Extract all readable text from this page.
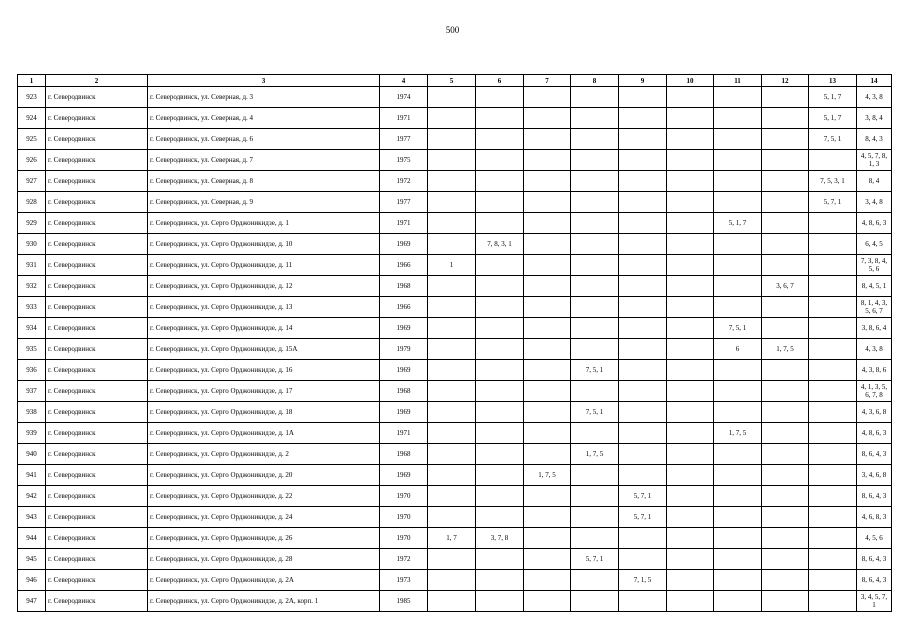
500
1	2	3	4	5	6	7	8	9	10	11	12	13	14
923	г. Северодвинск	г. Северодвинск, ул. Северная, д. 3	1974									5, 1, 7	4, 3, 8
924	г. Северодвинск	г. Северодвинск, ул. Северная, д. 4	1971									5, 1, 7	3, 8, 4
925	г. Северодвинск	г. Северодвинск, ул. Северная, д. 6	1977									7, 5, 1	8, 4, 3
926	г. Северодвинск	г. Северодвинск, ул. Северная, д. 7	1975										4, 5, 7, 8, 1, 3
927	г. Северодвинск	г. Северодвинск, ул. Северная, д. 8	1972									7, 5, 3, 1	8, 4
928	г. Северодвинск	г. Северодвинск, ул. Северная, д. 9	1977									5, 7, 1	3, 4, 8
929	г. Северодвинск	г. Северодвинск, ул. Серго Орджоникидзе, д. 1	1971							5, 1, 7			4, 8, 6, 3
930	г. Северодвинск	г. Северодвинск, ул. Серго Орджоникидзе, д. 10	1969		7, 8, 3, 1								6, 4, 5
931	г. Северодвинск	г. Северодвинск, ул. Серго Орджоникидзе, д. 11	1966	1									7, 3, 8, 4, 5, 6
932	г. Северодвинск	г. Северодвинск, ул. Серго Орджоникидзе, д. 12	1968								3, 6, 7		8, 4, 5, 1
933	г. Северодвинск	г. Северодвинск, ул. Серго Орджоникидзе, д. 13	1966										8, 1, 4, 3, 5, 6, 7
934	г. Северодвинск	г. Северодвинск, ул. Серго Орджоникидзе, д. 14	1969							7, 5, 1			3, 8, 6, 4
935	г. Северодвинск	г. Северодвинск, ул. Серго Орджоникидзе, д. 15А	1979							6	1, 7, 5		4, 3, 8
936	г. Северодвинск	г. Северодвинск, ул. Серго Орджоникидзе, д. 16	1969				7, 5, 1						4, 3, 8, 6
937	г. Северодвинск	г. Северодвинск, ул. Серго Орджоникидзе, д. 17	1968										4, 1, 3, 5, 6, 7, 8
938	г. Северодвинск	г. Северодвинск, ул. Серго Орджоникидзе, д. 18	1969				7, 5, 1						4, 3, 6, 8
939	г. Северодвинск	г. Северодвинск, ул. Серго Орджоникидзе, д. 1А	1971							1, 7, 5			4, 8, 6, 3
940	г. Северодвинск	г. Северодвинск, ул. Серго Орджоникидзе, д. 2	1968				1, 7, 5						8, 6, 4, 3
941	г. Северодвинск	г. Северодвинск, ул. Серго Орджоникидзе, д. 20	1969			1, 7, 5							3, 4, 6, 8
942	г. Северодвинск	г. Северодвинск, ул. Серго Орджоникидзе, д. 22	1970					5, 7, 1					8, 6, 4, 3
943	г. Северодвинск	г. Северодвинск, ул. Серго Орджоникидзе, д. 24	1970					5, 7, 1					4, 6, 8, 3
944	г. Северодвинск	г. Северодвинск, ул. Серго Орджоникидзе, д. 26	1970	1, 7	3, 7, 8								4, 5, 6
945	г. Северодвинск	г. Северодвинск, ул. Серго Орджоникидзе, д. 28	1972				5, 7, 1						8, 6, 4, 3
946	г. Северодвинск	г. Северодвинск, ул. Серго Орджоникидзе, д. 2А	1973					7, 1, 5					8, 6, 4, 3
947	г. Северодвинск	г. Северодвинск, ул. Серго Орджоникидзе, д. 2А, корп. 1	1985										3, 4, 5, 7, 1
